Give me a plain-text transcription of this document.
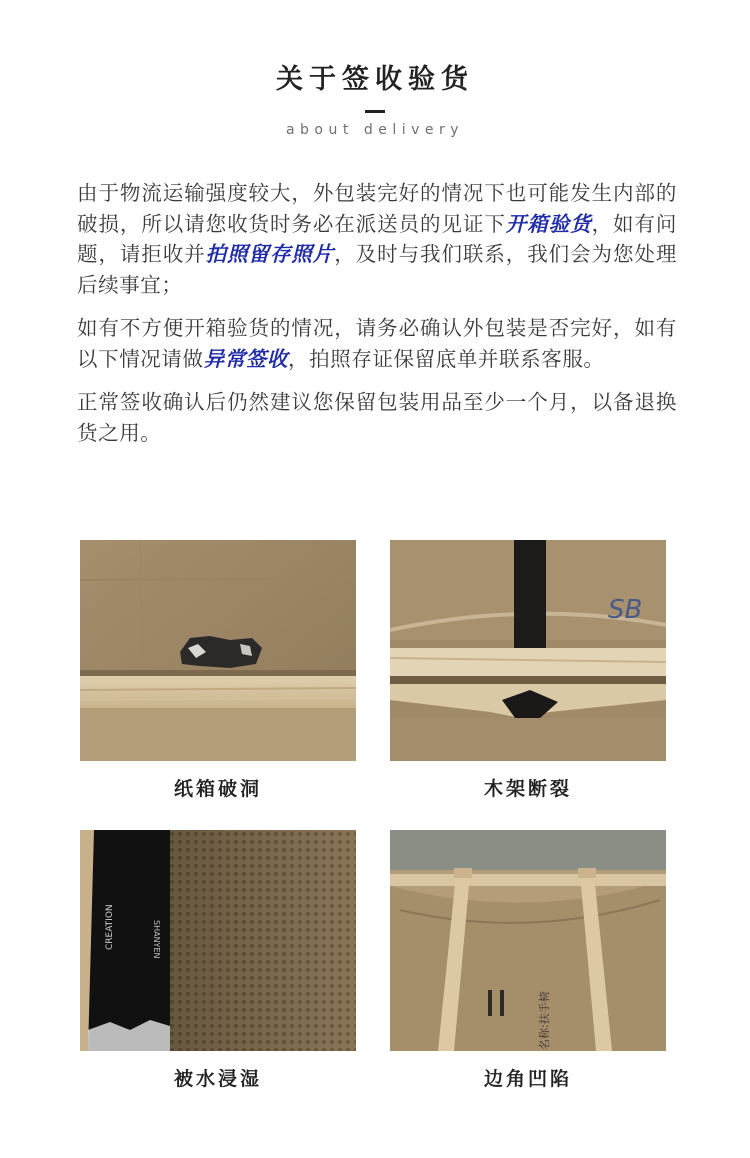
关于签收验货
about delivery

由于物流运输强度较大，外包装完好的情况下也可能发生内部的破损，所以请您收货时务必在派送员的见证下开箱验货，如有问题，请拒收并拍照留存照片，及时与我们联系，我们会为您处理后续事宜；

如有不方便开箱验货的情况，请务必确认外包装是否完好，如有以下情况请做异常签收，拍照存证保留底单并联系客服。

正常签收确认后仍然建议您保留包装用品至少一个月，以备退换货之用。

纸箱破洞
SB
木架断裂
CREATION	SHANYEN
被水浸湿
名称:扶手椅
边角凹陷
